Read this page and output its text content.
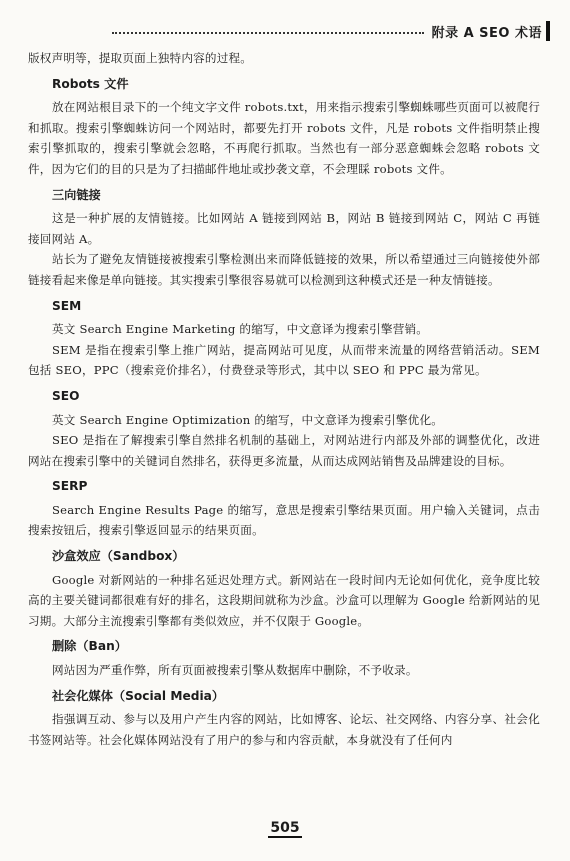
附录 A SEO 术语

版权声明等，提取页面上独特内容的过程。

Robots 文件

放在网站根目录下的一个纯文字文件 robots.txt，用来指示搜索引擎蜘蛛哪些页面可以被爬行和抓取。搜索引擎蜘蛛访问一个网站时，都要先打开 robots 文件，凡是 robots 文件指明禁止搜索引擎抓取的，搜索引擎就会忽略，不再爬行抓取。当然也有一部分恶意蜘蛛会忽略 robots 文件，因为它们的目的只是为了扫描邮件地址或抄袭文章，不会理睬 robots 文件。

三向链接

这是一种扩展的友情链接。比如网站 A 链接到网站 B，网站 B 链接到网站 C，网站 C 再链接回网站 A。

站长为了避免友情链接被搜索引擎检测出来而降低链接的效果，所以希望通过三向链接使外部链接看起来像是单向链接。其实搜索引擎很容易就可以检测到这种模式还是一种友情链接。

SEM

英文 Search Engine Marketing 的缩写，中文意译为搜索引擎营销。

SEM 是指在搜索引擎上推广网站，提高网站可见度，从而带来流量的网络营销活动。SEM 包括 SEO，PPC（搜索竞价排名），付费登录等形式，其中以 SEO 和 PPC 最为常见。

SEO

英文 Search Engine Optimization 的缩写，中文意译为搜索引擎优化。

SEO 是指在了解搜索引擎自然排名机制的基础上，对网站进行内部及外部的调整优化，改进网站在搜索引擎中的关键词自然排名，获得更多流量，从而达成网站销售及品牌建设的目标。

SERP

Search Engine Results Page 的缩写，意思是搜索引擎结果页面。用户输入关键词，点击搜索按钮后，搜索引擎返回显示的结果页面。

沙盒效应（Sandbox）

Google 对新网站的一种排名延迟处理方式。新网站在一段时间内无论如何优化，竞争度比较高的主要关键词都很难有好的排名，这段期间就称为沙盒。沙盒可以理解为 Google 给新网站的见习期。大部分主流搜索引擎都有类似效应，并不仅限于 Google。

删除（Ban）

网站因为严重作弊，所有页面被搜索引擎从数据库中删除，不予收录。

社会化媒体（Social Media）

指强调互动、参与以及用户产生内容的网站，比如博客、论坛、社交网络、内容分享、社会化书签网站等。社会化媒体网站没有了用户的参与和内容贡献，本身就没有了任何内

505
